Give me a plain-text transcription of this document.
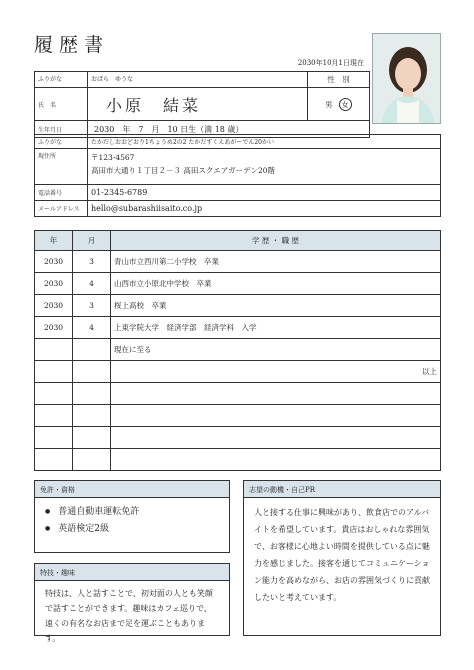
履歴書
2030年10月1日現在
ふりがな	おばら　ゆうな	性　別
氏　名	小原　結菜	男 女
生年月日	2030　年　7　月　10 日生（満 18 歳）	
ふりがな	たかだしおおどおり1ちょうめ2の2 たかだすくえあがーでん20かい
現住所	〒123-4567
高田市大通り１丁目２－３ 高田スクエアガーデン20階

電話番号	01-2345-6789
メールアドレス	hello@subarashiisaito.co.jp
年	月	学 歴 ・ 職 歴
2030	3	青山市立西川第二小学校　卒業
2030	4	山西市立小原北中学校　卒業
2030	3	桜上高校　卒業
2030	4	上東学院大学　経済学部　経済学科　入学
		現在に至る
		以上

免許・資格
● 普通自動車運転免許
● 英語検定2級
特技・趣味
特技は、人と話すことで、初対面の人とも笑顔で話すことができます。趣味はカフェ巡りで、遠くの有名なお店まで足を運ぶこともあります。
志望の動機・自己PR
人と接する仕事に興味があり、飲食店でのアルバイトを希望しています。貴店はおしゃれな雰囲気で、お客様に心地よい時間を提供している点に魅力を感じました。接客を通じてコミュニケーション能力を高めながら、お店の雰囲気づくりに貢献したいと考えています。
